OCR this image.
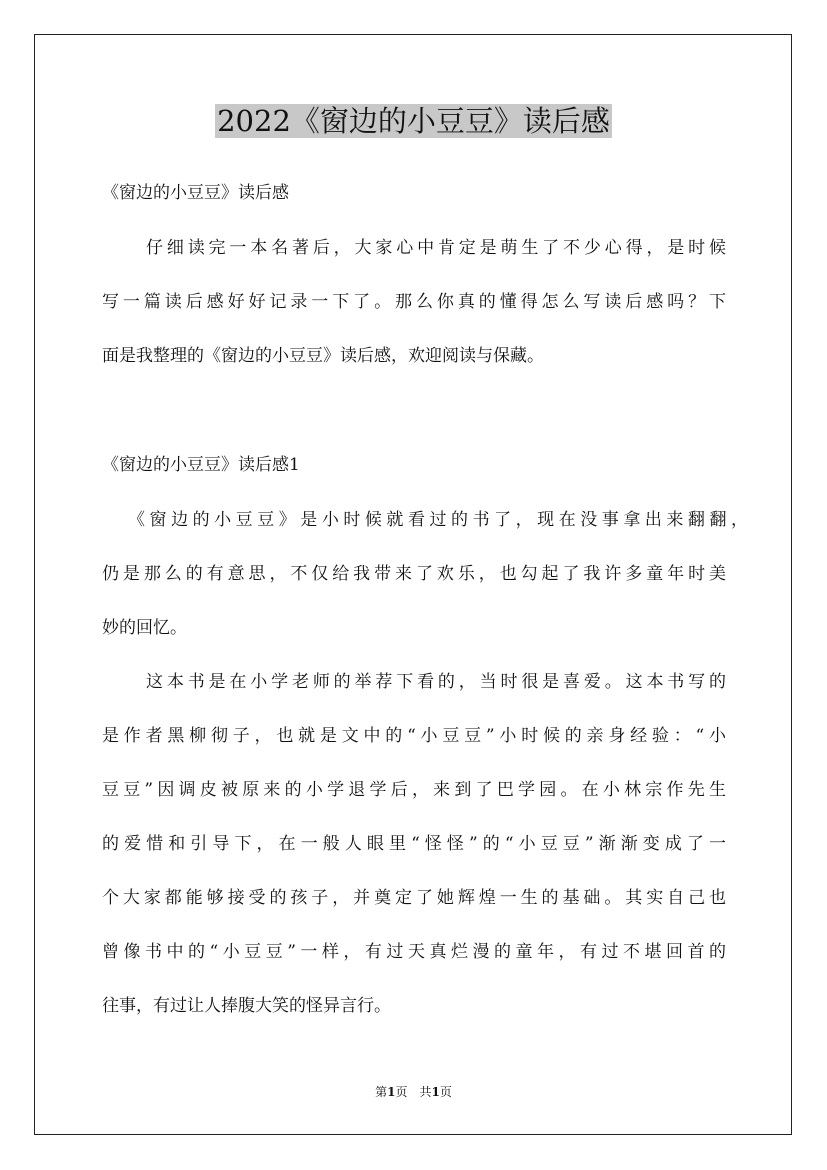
2022《窗边的小豆豆》读后感
《窗边的小豆豆》读后感
仔细读完一本名著后，大家心中肯定是萌生了不少心得，是时候
写一篇读后感好好记录一下了。那么你真的懂得怎么写读后感吗？下
面是我整理的《窗边的小豆豆》读后感，欢迎阅读与保藏。
《窗边的小豆豆》读后感1
《窗边的小豆豆》是小时候就看过的书了，现在没事拿出来翻翻，
仍是那么的有意思，不仅给我带来了欢乐，也勾起了我许多童年时美
妙的回忆。
这本书是在小学老师的举荐下看的，当时很是喜爱。这本书写的
是作者黑柳彻子，也就是文中的“小豆豆”小时候的亲身经验：“小
豆豆”因调皮被原来的小学退学后，来到了巴学园。在小林宗作先生
的爱惜和引导下，在一般人眼里“怪怪”的“小豆豆”渐渐变成了一
个大家都能够接受的孩子，并奠定了她辉煌一生的基础。其实自己也
曾像书中的“小豆豆”一样，有过天真烂漫的童年，有过不堪回首的
往事，有过让人捧腹大笑的怪异言行。
第1页 共1页
